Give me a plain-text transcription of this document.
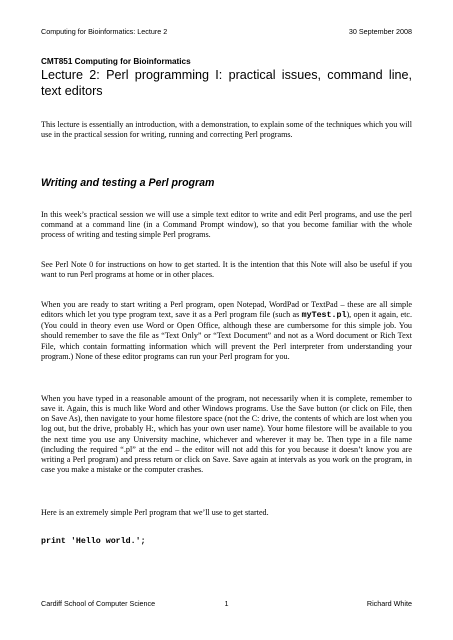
Computing for Bioinformatics: Lecture 2	30 September 2008
CMT851 Computing for Bioinformatics
Lecture 2: Perl programming I: practical issues, command line, text editors
This lecture is essentially an introduction, with a demonstration, to explain some of the techniques which you will use in the practical session for writing, running and correcting Perl programs.
Writing and testing a Perl program
In this week’s practical session we will use a simple text editor to write and edit Perl programs, and use the perl command at a command line (in a Command Prompt window), so that you become familiar with the whole process of writing and testing simple Perl programs.
See Perl Note 0 for instructions on how to get started. It is the intention that this Note will also be useful if you want to run Perl programs at home or in other places.
When you are ready to start writing a Perl program, open Notepad, WordPad or TextPad – these are all simple editors which let you type program text, save it as a Perl program file (such as myTest.pl), open it again, etc. (You could in theory even use Word or Open Office, although these are cumbersome for this simple job. You should remember to save the file as “Text Only” or “Text Document” and not as a Word document or Rich Text File, which contain formatting information which will prevent the Perl interpreter from understanding your program.) None of these editor programs can run your Perl program for you.
When you have typed in a reasonable amount of the program, not necessarily when it is complete, remember to save it. Again, this is much like Word and other Windows programs. Use the Save button (or click on File, then on Save As), then navigate to your home filestore space (not the C: drive, the contents of which are lost when you log out, but the drive, probably H:, which has your own user name). Your home filestore will be available to you the next time you use any University machine, whichever and wherever it may be. Then type in a file name (including the required “.pl” at the end – the editor will not add this for you because it doesn’t know you are writing a Perl program) and press return or click on Save. Save again at intervals as you work on the program, in case you make a mistake or the computer crashes.
Here is an extremely simple Perl program that we’ll use to get started.
print 'Hello world.';
Cardiff School of Computer Science	1	Richard White
